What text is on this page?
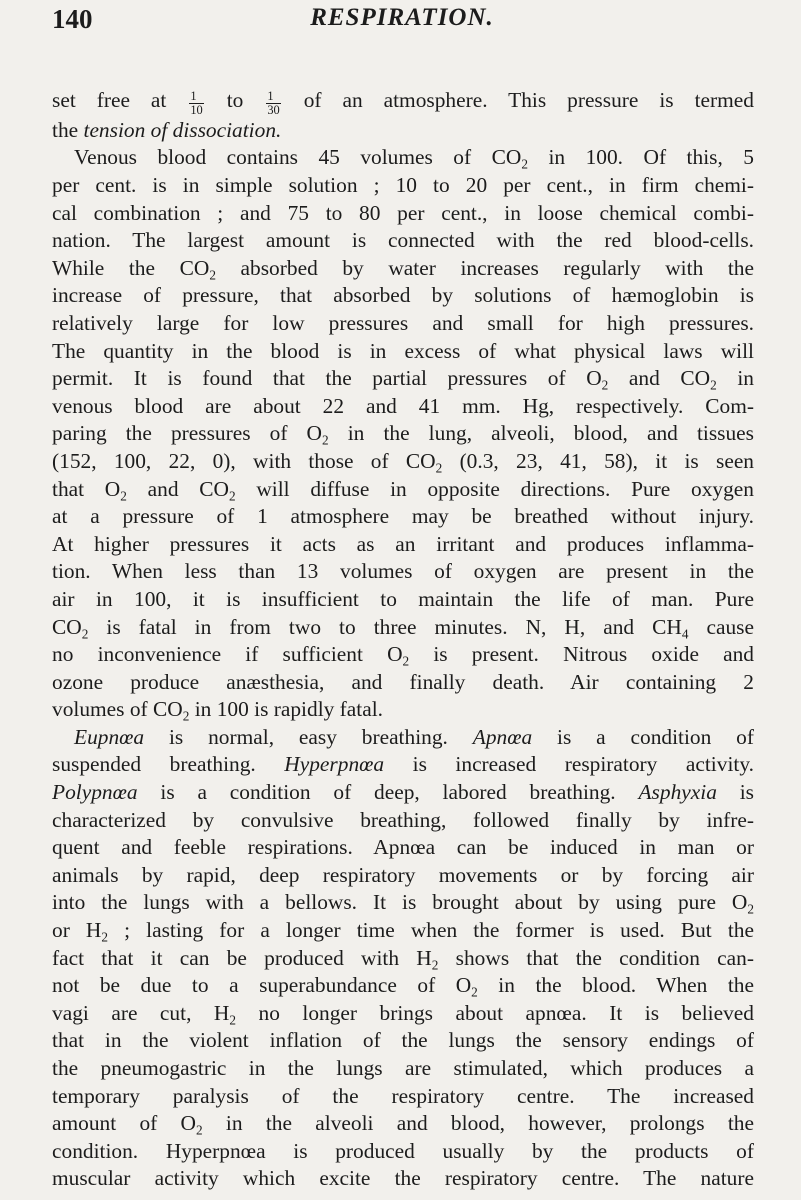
140	RESPIRATION.
set free at $\frac{1}{10}$ to $\frac{1}{30}$ of an atmosphere. This pressure is termed
the tension of dissociation.
Venous blood contains 45 volumes of $CO_2$ in 100. Of this, 5
per cent. is in simple solution ; 10 to 20 per cent., in firm chemi-
cal combination ; and 75 to 80 per cent., in loose chemical combi-
nation. The largest amount is connected with the red blood-cells.
While the $CO_2$ absorbed by water increases regularly with the
increase of pressure, that absorbed by solutions of hæmoglobin is
relatively large for low pressures and small for high pressures.
The quantity in the blood is in excess of what physical laws will
permit. It is found that the partial pressures of $O_2$ and $CO_2$ in
venous blood are about 22 and 41 mm. Hg, respectively. Com-
paring the pressures of $O_2$ in the lung, alveoli, blood, and tissues
(152, 100, 22, 0), with those of $CO_2$ (0.3, 23, 41, 58), it is seen
that $O_2$ and $CO_2$ will diffuse in opposite directions. Pure oxygen
at a pressure of 1 atmosphere may be breathed without injury.
At higher pressures it acts as an irritant and produces inflamma-
tion. When less than 13 volumes of oxygen are present in the
air in 100, it is insufficient to maintain the life of man. Pure
$CO_2$ is fatal in from two to three minutes. N, H, and $CH_4$ cause
no inconvenience if sufficient $O_2$ is present. Nitrous oxide and
ozone produce anæsthesia, and finally death. Air containing 2
volumes of $CO_2$ in 100 is rapidly fatal.
Eupnœa is normal, easy breathing. Apnœa is a condition of
suspended breathing. Hyperpnœa is increased respiratory activity.
Polypnœa is a condition of deep, labored breathing. Asphyxia is
characterized by convulsive breathing, followed finally by infre-
quent and feeble respirations. Apnœa can be induced in man or
animals by rapid, deep respiratory movements or by forcing air
into the lungs with a bellows. It is brought about by using pure $O_2$
or $H_2$ ; lasting for a longer time when the former is used. But the
fact that it can be produced with $H_2$ shows that the condition can-
not be due to a superabundance of $O_2$ in the blood. When the
vagi are cut, $H_2$ no longer brings about apnœa. It is believed
that in the violent inflation of the lungs the sensory endings of
the pneumogastric in the lungs are stimulated, which produces a
temporary paralysis of the respiratory centre. The increased
amount of $O_2$ in the alveoli and blood, however, prolongs the
condition. Hyperpnœa is produced usually by the products of
muscular activity which excite the respiratory centre. The nature
